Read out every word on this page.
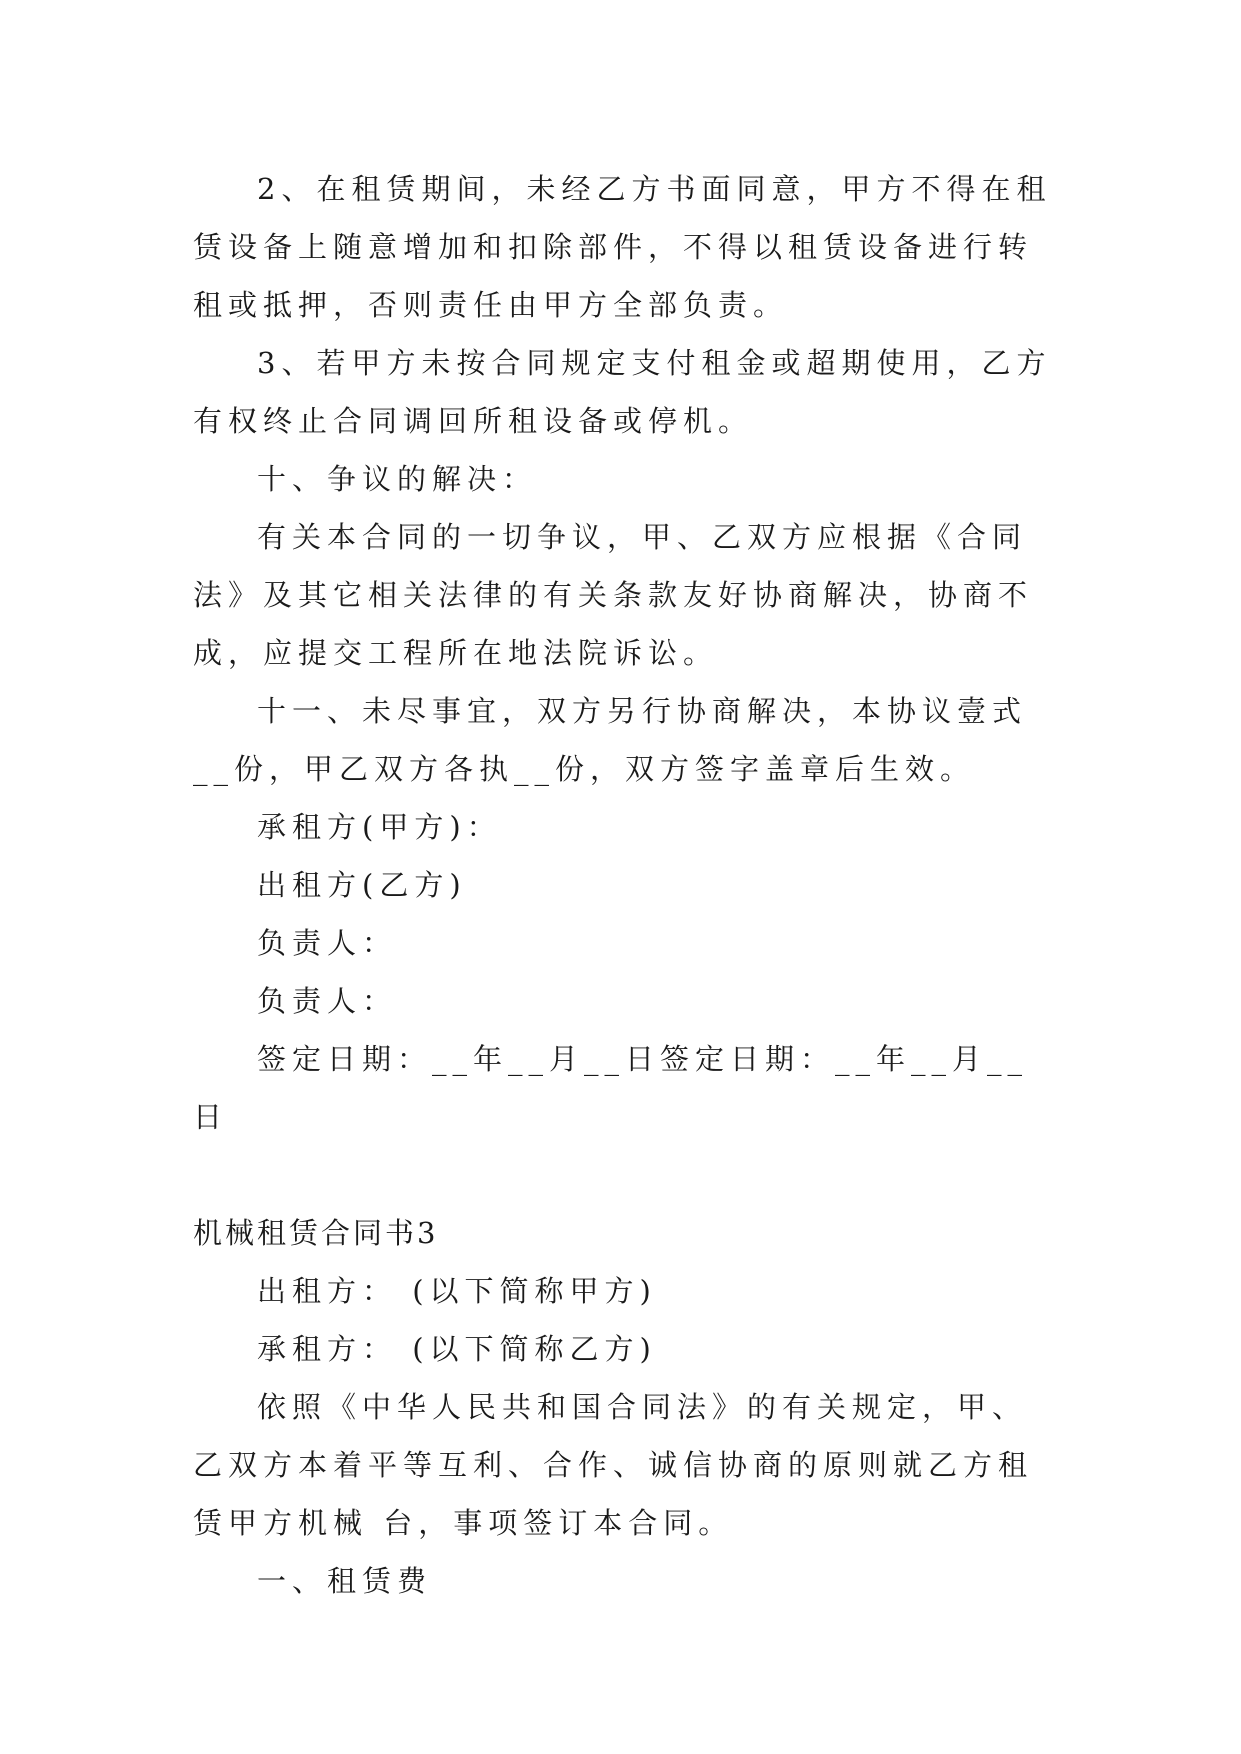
2、在租赁期间，未经乙方书面同意，甲方不得在租赁设备上随意增加和扣除部件，不得以租赁设备进行转租或抵押，否则责任由甲方全部负责。

3、若甲方未按合同规定支付租金或超期使用，乙方有权终止合同调回所租设备或停机。

十、争议的解决：

有关本合同的一切争议，甲、乙双方应根据《合同法》及其它相关法律的有关条款友好协商解决，协商不成，应提交工程所在地法院诉讼。

十一、未尽事宜，双方另行协商解决，本协议壹式__份，甲乙双方各执__份，双方签字盖章后生效。

承租方(甲方)：

出租方(乙方)

负责人：

负责人：

签定日期：__年__月__日签定日期：__年__月__日

机械租赁合同书3

出租方： (以下简称甲方)

承租方： (以下简称乙方)

依照《中华人民共和国合同法》的有关规定，甲、乙双方本着平等互利、合作、诚信协商的原则就乙方租赁甲方机械 台，事项签订本合同。

一、租赁费
